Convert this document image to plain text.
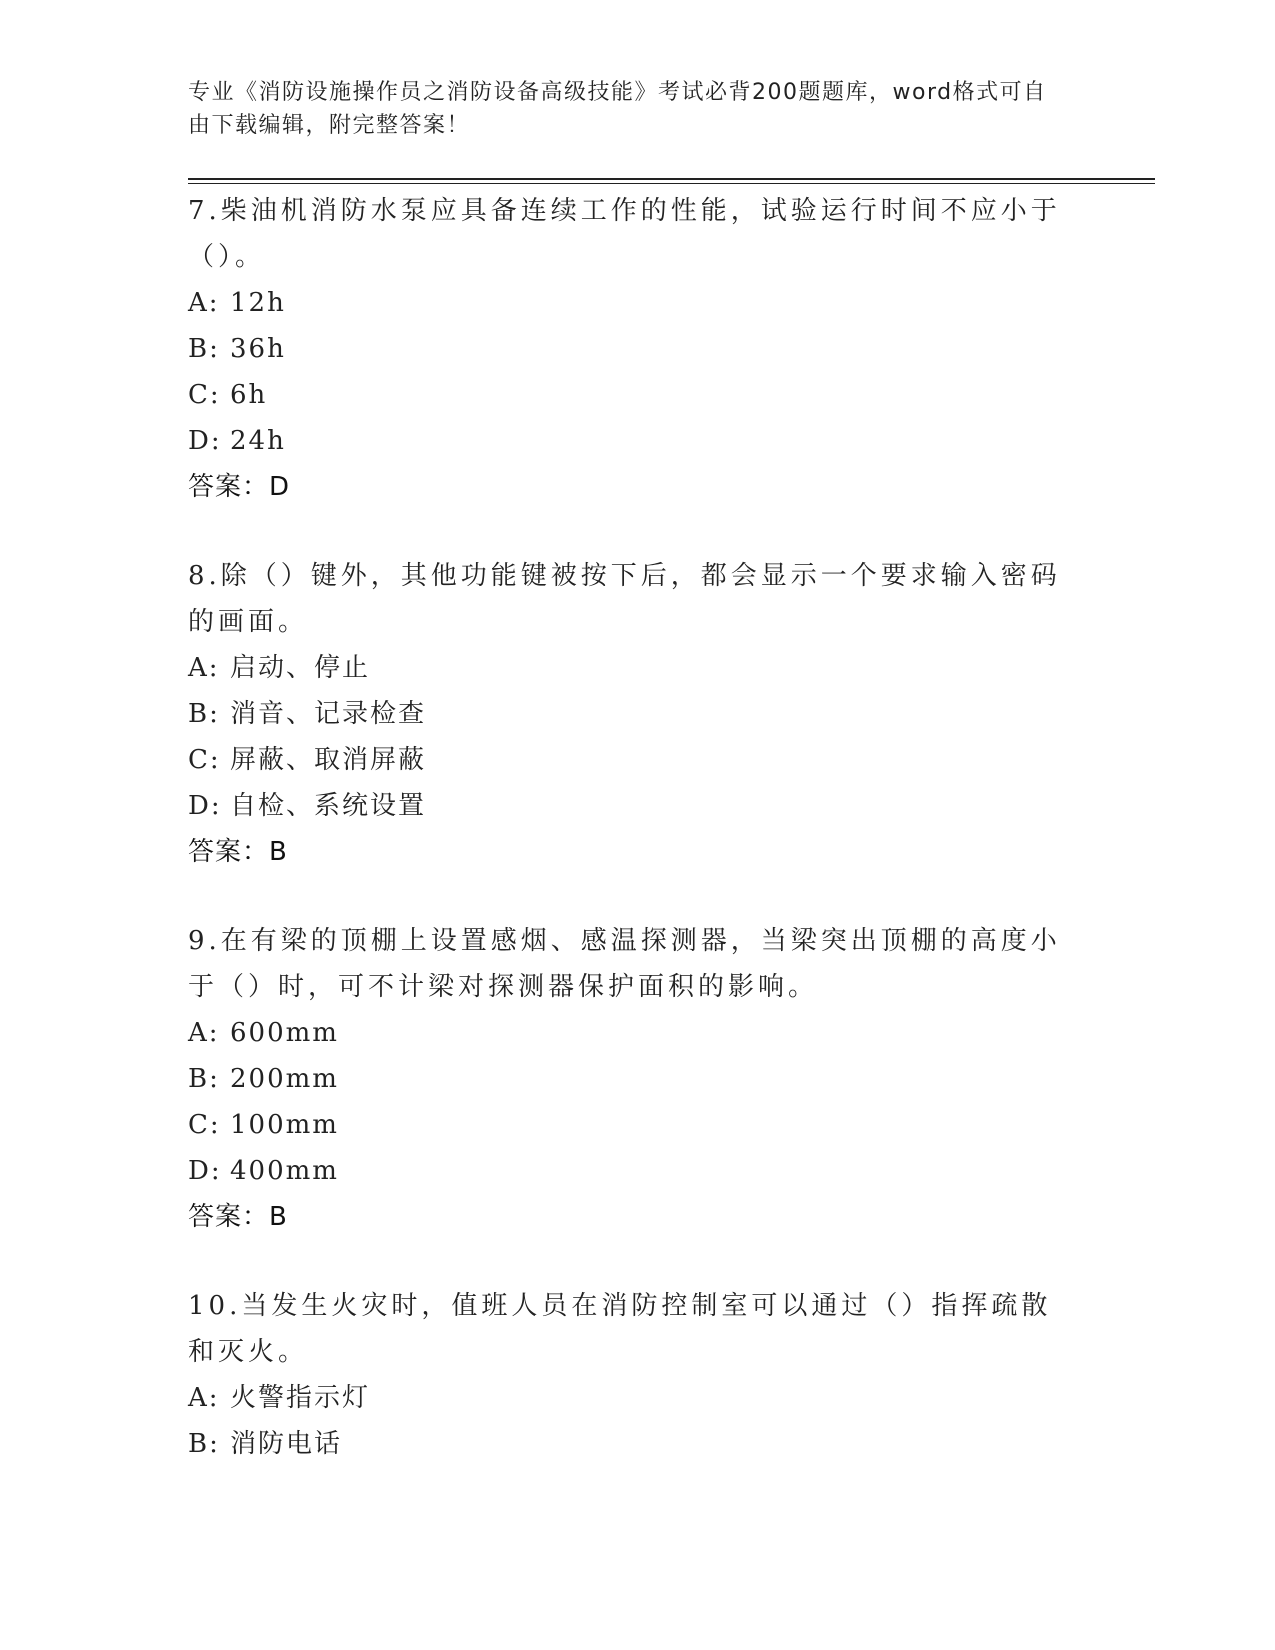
专业《消防设施操作员之消防设备高级技能》考试必背200题题库，word格式可自由下载编辑，附完整答案！
7.柴油机消防水泵应具备连续工作的性能，试验运行时间不应小于（）。
A: 12h
B: 36h
C: 6h
D: 24h
答案：D
8.除（）键外，其他功能键被按下后，都会显示一个要求输入密码的画面。
A: 启动、停止
B: 消音、记录检查
C: 屏蔽、取消屏蔽
D: 自检、系统设置
答案：B
9.在有梁的顶棚上设置感烟、感温探测器，当梁突出顶棚的高度小于（）时，可不计梁对探测器保护面积的影响。
A: 600mm
B: 200mm
C: 100mm
D: 400mm
答案：B
10.当发生火灾时，值班人员在消防控制室可以通过（）指挥疏散和灭火。
A: 火警指示灯
B: 消防电话
